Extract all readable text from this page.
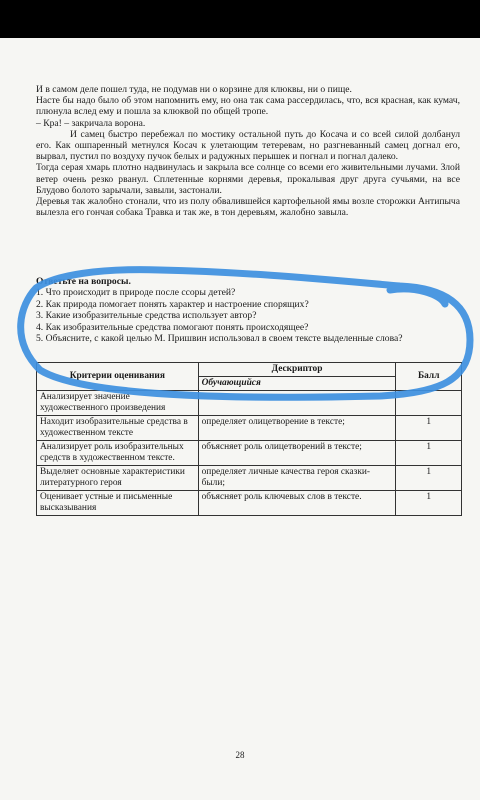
И в самом деле пошел туда, не подумав ни о корзине для клюквы, ни о пище.

Насте бы надо было об этом напомнить ему, но она так сама рассердилась, что, вся красная, как кумач, плюнула вслед ему и пошла за клюквой по общей тропе.

– Кра! – закричала ворона.

И самец быстро перебежал по мостику остальной путь до Косача и со всей силой долбанул его. Как ошпаренный метнулся Косач к улетающим тетеревам, но разгневанный самец догнал его, вырвал, пустил по воздуху пучок белых и радужных перышек и погнал и погнал далеко.

Тогда серая хмарь плотно надвинулась и закрыла все солнце со всеми его живительными лучами. Злой ветер очень резко рванул. Сплетенные корнями деревья, прокалывая друг друга сучьями, на все Блудово болото зарычали, завыли, застонали.

Деревья так жалобно стонали, что из полу обвалившейся картофельной ямы возле сторожки Антипыча вылезла его гончая собака Травка и так же, в тон деревьям, жалобно завыла.

Ответьте на вопросы.

1. Что происходит в природе после ссоры детей?
2. Как природа помогает понять характер и настроение спорящих?
3. Какие изобразительные средства использует автор?
4. Как изобразительные средства помогают понять происходящее?
5. Объясните, с какой целью М. Пришвин использовал в своем тексте выделенные слова?
Критерии оценивания	Дескриптор	Балл
	Обучающийся	
Анализирует значение художественного произведения		
Находит изобразительные средства в художественном тексте	определяет олицетворение в тексте;	1
Анализирует роль изобразительных средств в художественном тексте.	объясняет роль олицетворений в тексте;	1
Выделяет основные характеристики литературного героя	определяет личные качества героя сказки-были;	1
Оценивает устные и письменные высказывания	объясняет роль ключевых слов в тексте.	1
28
